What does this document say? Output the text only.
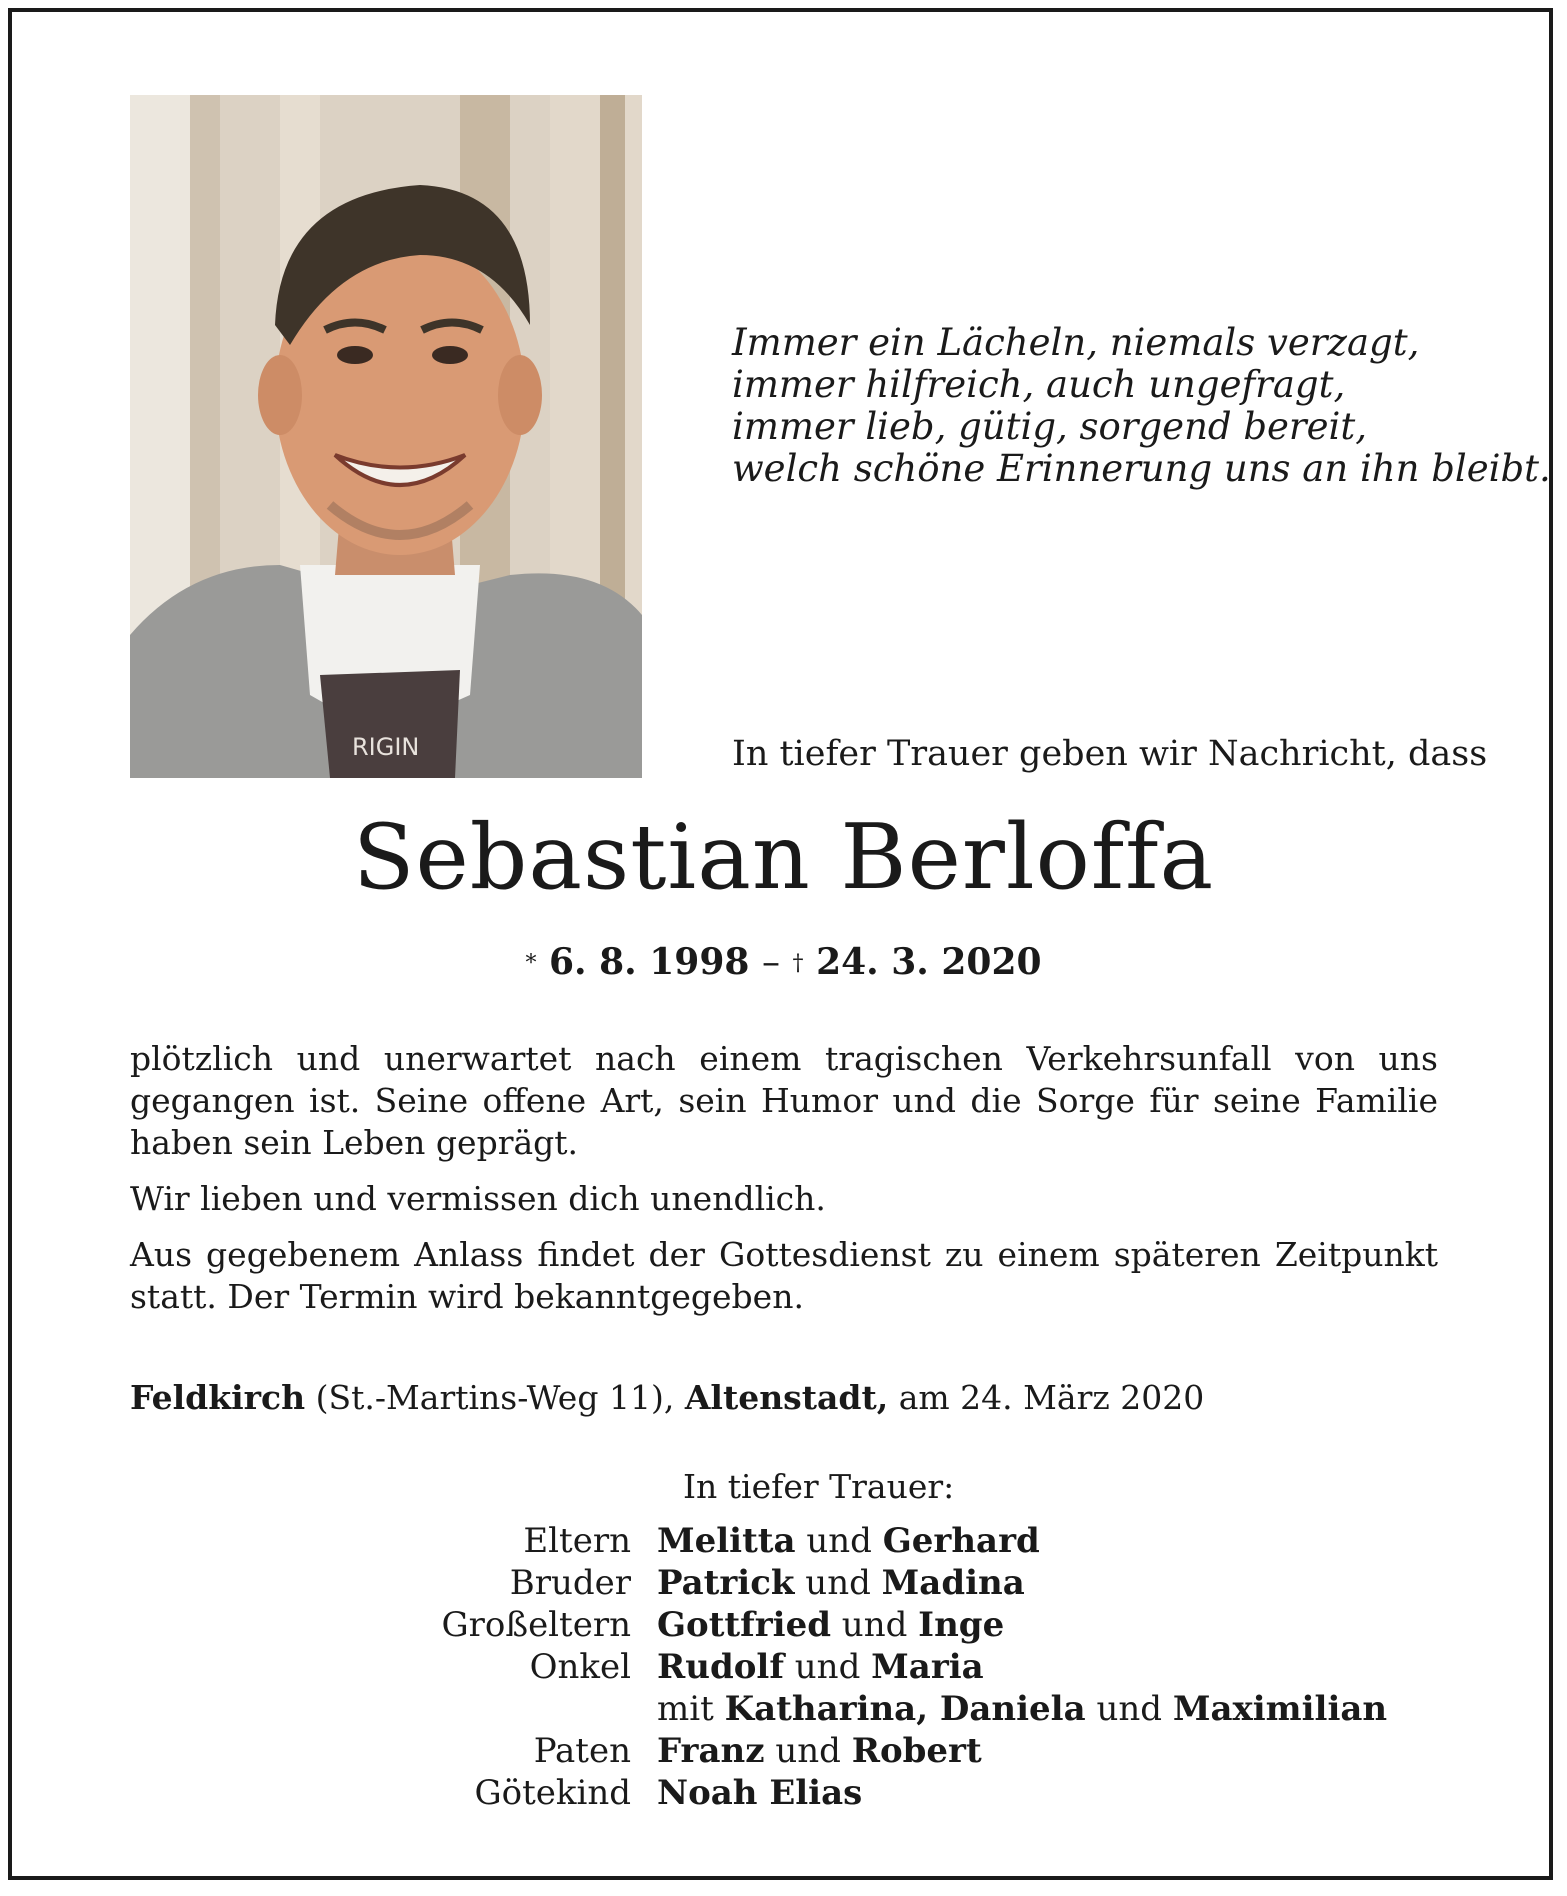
RIGIN
Immer ein Lächeln, niemals verzagt,
immer hilfreich, auch ungefragt,
immer lieb, gütig, sorgend bereit,
welch schöne Erinnerung uns an ihn bleibt.
In tiefer Trauer geben wir Nachricht, dass
Sebastian Berloffa
* 6. 8. 1998 – † 24. 3. 2020

plötzlich und unerwartet nach einem tragischen Verkehrsunfall von uns gegangen ist. Seine offene Art, sein Humor und die Sorge für seine Familie haben sein Leben geprägt.

Wir lieben und vermissen dich unendlich.

Aus gegebenem Anlass findet der Gottesdienst zu einem späteren Zeitpunkt statt. Der Termin wird bekanntgegeben.

Feldkirch (St.-Martins-Weg 11), Altenstadt, am 24. März 2020
In tiefer Trauer:
Eltern Melitta und Gerhard
Bruder Patrick und Madina
Großeltern Gottfried und Inge
Onkel Rudolf und Maria
mit Katharina, Daniela und Maximilian
Paten Franz und Robert
Götekind Noah Elias
